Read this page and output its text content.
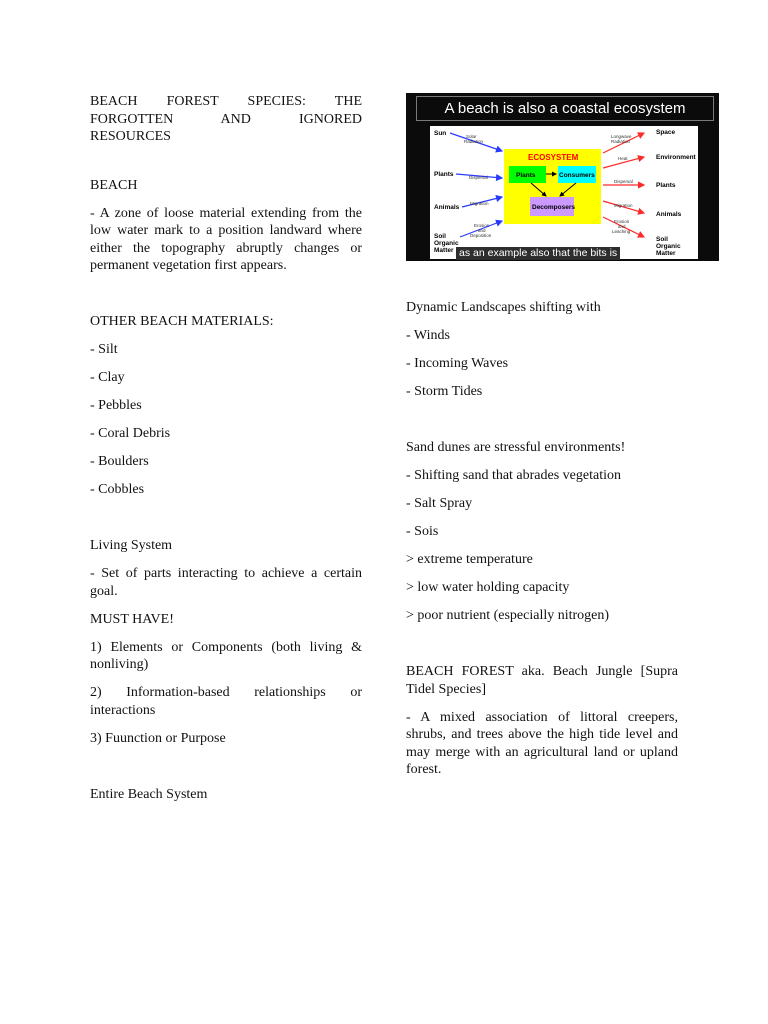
BEACH FOREST SPECIES: THE
FORGOTTEN AND IGNORED
RESOURCES
BEACH
- A zone of loose material extending from the low water mark to a position landward where either the topography abruptly changes or permanent vegetation first appears.
OTHER BEACH MATERIALS:
- Silt
- Clay
- Pebbles
- Coral Debris
- Boulders
- Cobbles
Living System
- Set of parts interacting to achieve a certain goal.
MUST HAVE!
1) Elements or Components (both living & nonliving)
2) Information-based relationships or interactions
3) Fuunction or Purpose
Entire Beach System
ECOSYSTEM
Plants	Consumers
Decomposers
Sun
Plants
Animals
Soil Organic Matter
Solar Radiation
Dispersal
Migration
Erosion and Deposition
Longwave Radiation
Heat
Dispersal
Migration
Erosion and Leaching
Space
Environment
Plants
Animals
Soil Organic Matter
A beach is also a coastal ecosystem
as an example also that the bits is
Dynamic Landscapes shifting with
- Winds
- Incoming Waves
- Storm Tides
Sand dunes are stressful environments!
- Shifting sand that abrades vegetation
- Salt Spray
- Sois
> extreme temperature
> low water holding capacity
> poor nutrient (especially nitrogen)
BEACH FOREST aka. Beach Jungle [Supra Tidel Species]
- A mixed association of littoral creepers, shrubs, and trees above the high tide level and may merge with an agricultural land or upland forest.
